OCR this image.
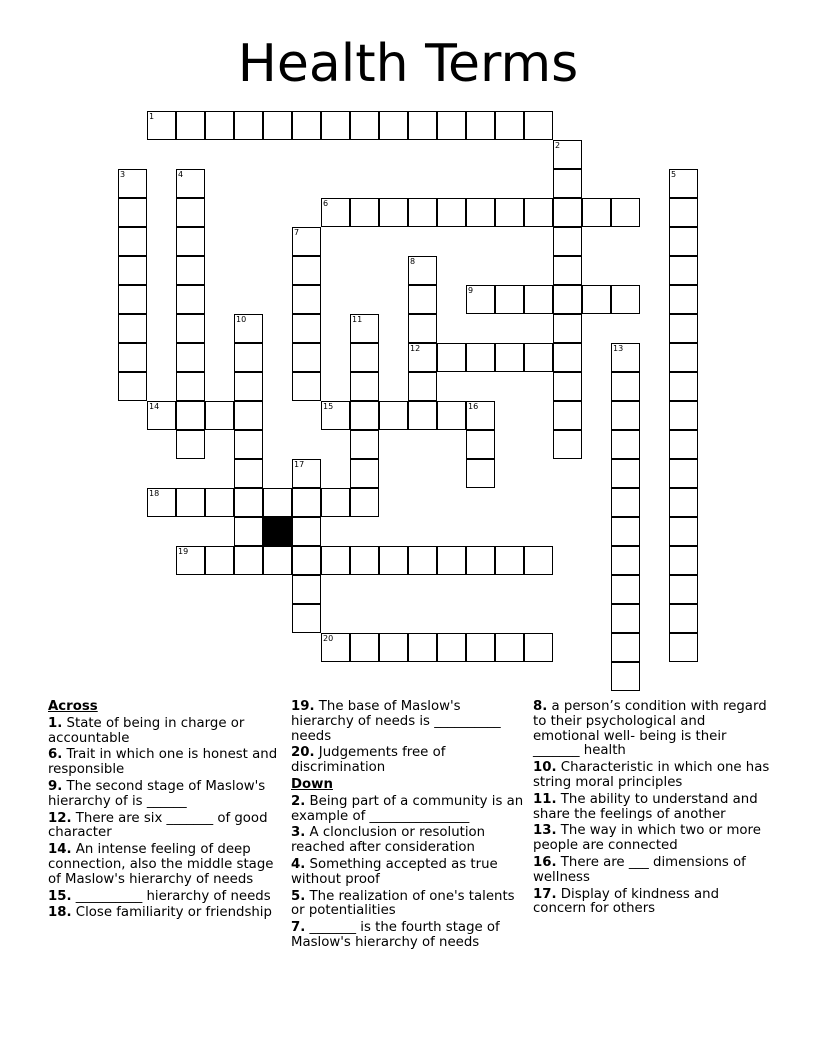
Health Terms
1
2
3	4	5
6
7
8
9
10	11
12	13
14	15	16
17
18
19
20

Across

1. State of being in charge or accountable

6. Trait in which one is honest and responsible

9. The second stage of Maslow's hierarchy of is ______

12. There are six _______ of good character

14. An intense feeling of deep connection, also the middle stage of Maslow's hierarchy of needs

15. __________ hierarchy of needs

18. Close familiarity or friendship

19. The base of Maslow's hierarchy of needs is __________ needs

20. Judgements free of discrimination

Down

2. Being part of a community is an example of _______________

3. A clonclusion or resolution reached after consideration

4. Something accepted as true without proof

5. The realization of one's talents or potentialities

7. _______ is the fourth stage of Maslow's hierarchy of needs

8. a person’s condition with regard to their psychological and emotional well- being is their _______ health

10. Characteristic in which one has string moral principles

11. The ability to understand and share the feelings of another

13. The way in which two or more people are connected

16. There are ___ dimensions of wellness

17. Display of kindness and concern for others
